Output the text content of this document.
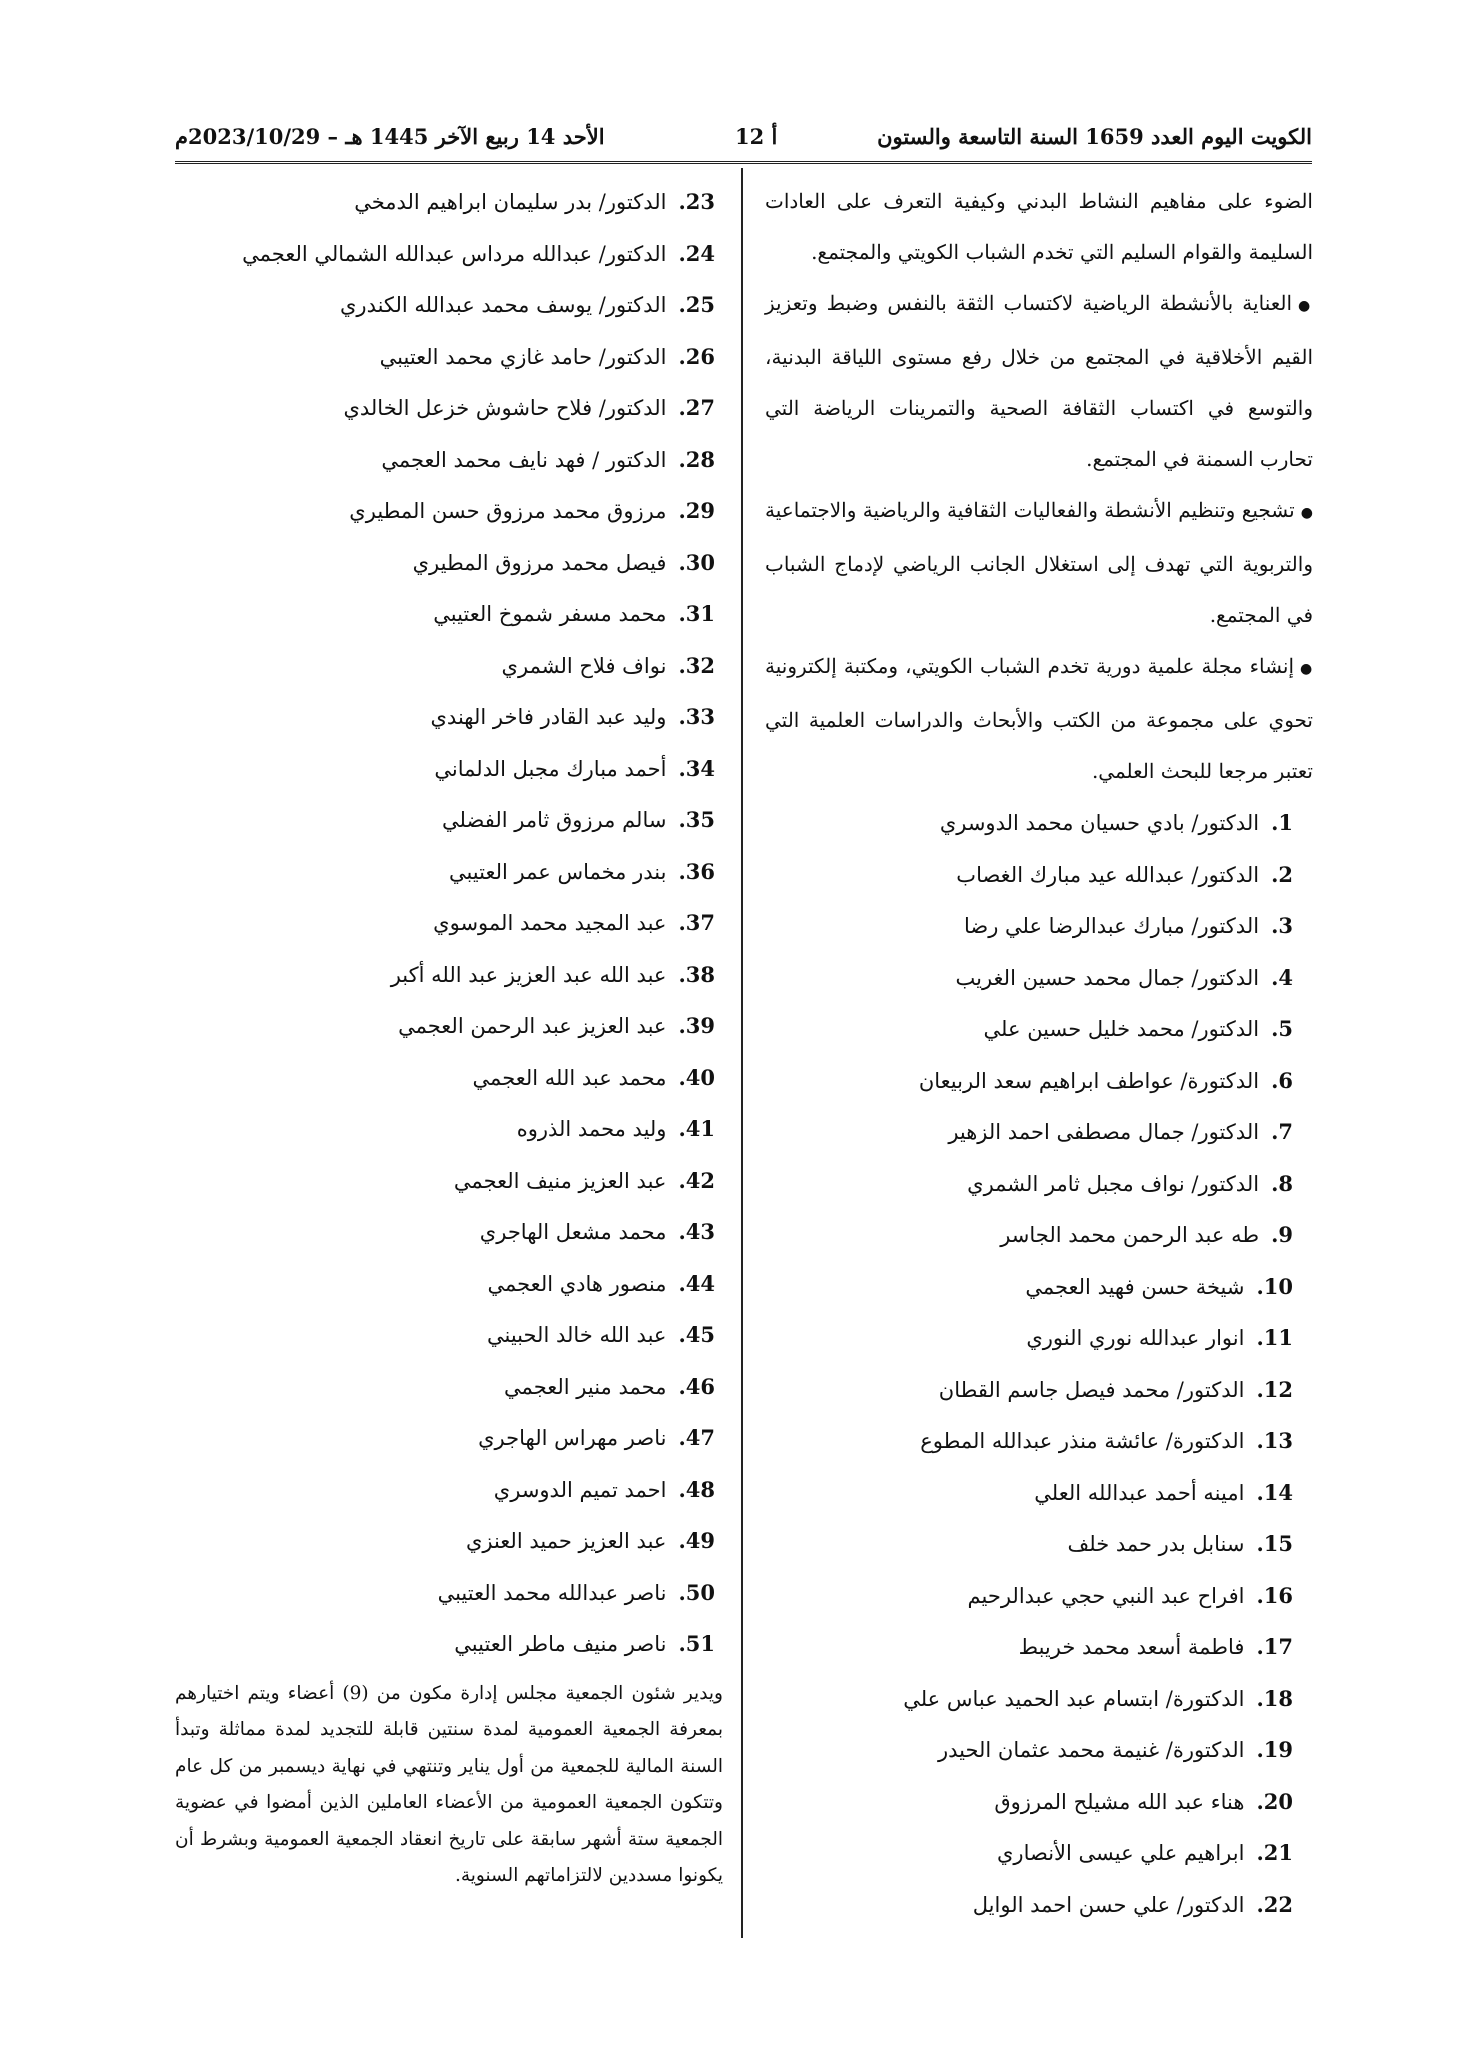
الكويت اليوم العدد 1659 السنة التاسعة والستون
أ 12
الأحد 14 ربيع الآخر 1445 هـ – 2023/10/29م

الضوء على مفاهيم النشاط البدني وكيفية التعرف على العادات السليمة والقوام السليم التي تخدم الشباب الكويتي والمجتمع.

●العناية بالأنشطة الرياضية لاكتساب الثقة بالنفس وضبط وتعزيز القيم الأخلاقية في المجتمع من خلال رفع مستوى اللياقة البدنية، والتوسع في اكتساب الثقافة الصحية والتمرينات الرياضة التي تحارب السمنة في المجتمع.

●تشجيع وتنظيم الأنشطة والفعاليات الثقافية والرياضية والاجتماعية والتربوية التي تهدف إلى استغلال الجانب الرياضي لإدماج الشباب في المجتمع.

●إنشاء مجلة علمية دورية تخدم الشباب الكويتي، ومكتبة إلكترونية تحوي على مجموعة من الكتب والأبحاث والدراسات العلمية التي تعتبر مرجعا للبحث العلمي.

1.الدكتور/ بادي حسيان محمد الدوسري
2.الدكتور/ عبدالله عيد مبارك الغصاب
3.الدكتور/ مبارك عبدالرضا علي رضا
4.الدكتور/ جمال محمد حسين الغريب
5.الدكتور/ محمد خليل حسين علي
6.الدكتورة/ عواطف ابراهيم سعد الربيعان
7.الدكتور/ جمال مصطفى احمد الزهير
8.الدكتور/ نواف مجبل ثامر الشمري
9.طه عبد الرحمن محمد الجاسر
10.شيخة حسن فهيد العجمي
11.انوار عبدالله نوري النوري
12.الدكتور/ محمد فيصل جاسم القطان
13.الدكتورة/ عائشة منذر عبدالله المطوع
14.امينه أحمد عبدالله العلي
15.سنابل بدر حمد خلف
16.افراح عبد النبي حجي عبدالرحيم
17.فاطمة أسعد محمد خريبط
18.الدكتورة/ ابتسام عبد الحميد عباس علي
19.الدكتورة/ غنيمة محمد عثمان الحيدر
20.هناء عبد الله مشيلح المرزوق
21.ابراهيم علي عيسى الأنصاري
22.الدكتور/ علي حسن احمد الوايل
23.الدكتور/ بدر سليمان ابراهيم الدمخي
24.الدكتور/ عبدالله مرداس عبدالله الشمالي العجمي
25.الدكتور/ يوسف محمد عبدالله الكندري
26.الدكتور/ حامد غازي محمد العتيبي
27.الدكتور/ فلاح حاشوش خزعل الخالدي
28.الدكتور / فهد نايف محمد العجمي
29.مرزوق محمد مرزوق حسن المطيري
30.فيصل محمد مرزوق المطيري
31.محمد مسفر شموخ العتيبي
32.نواف فلاح الشمري
33.وليد عبد القادر فاخر الهندي
34.أحمد مبارك مجبل الدلماني
35.سالم مرزوق ثامر الفضلي
36.بندر مخماس عمر العتيبي
37.عبد المجيد محمد الموسوي
38.عبد الله عبد العزيز عبد الله أكبر
39.عبد العزيز عبد الرحمن العجمي
40.محمد عبد الله العجمي
41.وليد محمد الذروه
42.عبد العزيز منيف العجمي
43.محمد مشعل الهاجري
44.منصور هادي العجمي
45.عبد الله خالد الحبيني
46.محمد منير العجمي
47.ناصر مهراس الهاجري
48.احمد تميم الدوسري
49.عبد العزيز حميد العنزي
50.ناصر عبدالله محمد العتيبي
51.ناصر منيف ماطر العتيبي

ويدير شئون الجمعية مجلس إدارة مكون من (9) أعضاء ويتم اختيارهم بمعرفة الجمعية العمومية لمدة سنتين قابلة للتجديد لمدة مماثلة وتبدأ السنة المالية للجمعية من أول يناير وتنتهي في نهاية ديسمبر من كل عام وتتكون الجمعية العمومية من الأعضاء العاملين الذين أمضوا في عضوية الجمعية ستة أشهر سابقة على تاريخ انعقاد الجمعية العمومية وبشرط أن يكونوا مسددين لالتزاماتهم السنوية.
